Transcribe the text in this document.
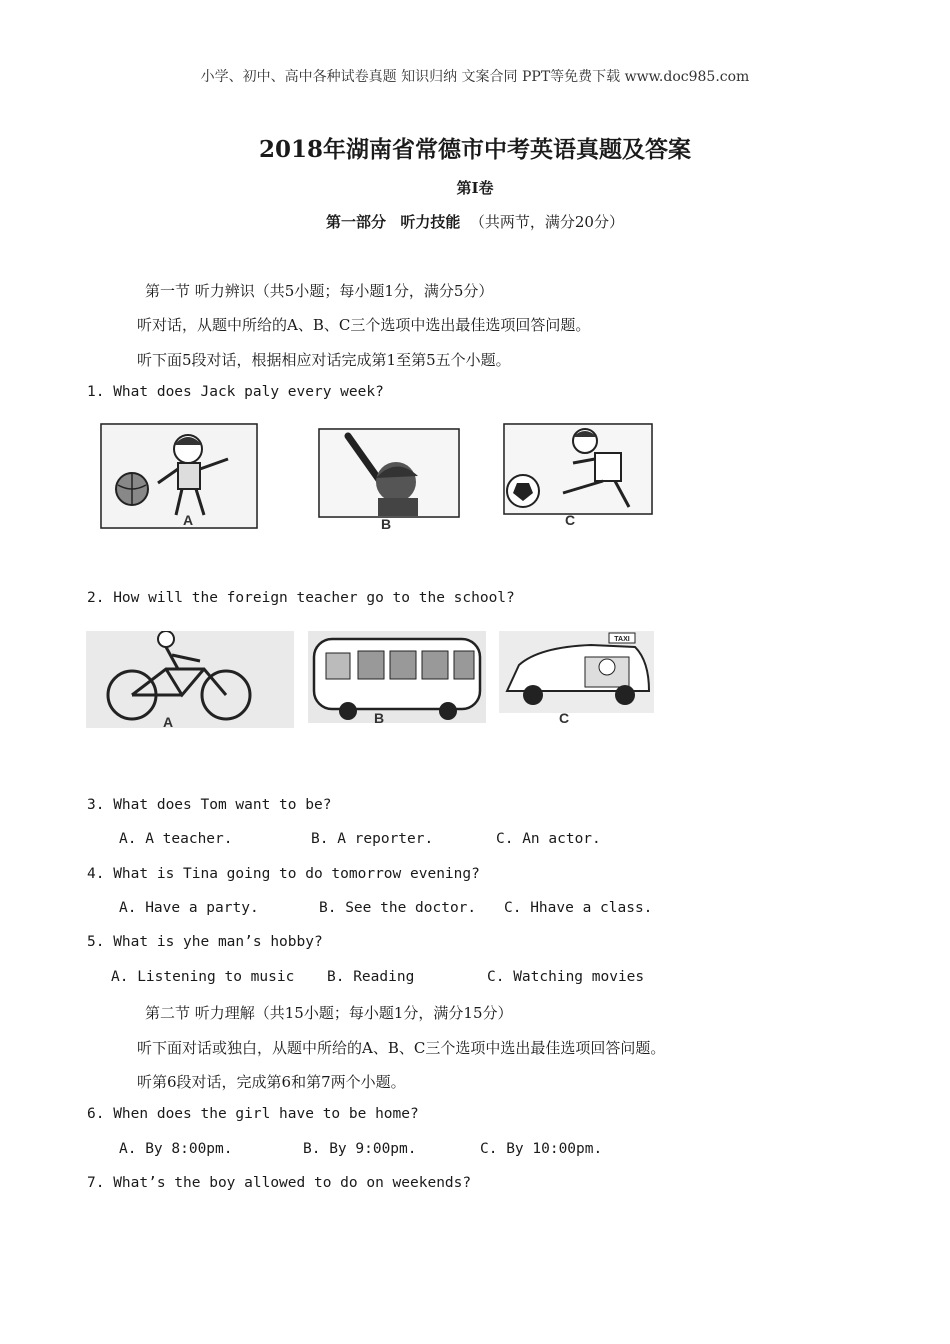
小学、初中、高中各种试卷真题 知识归纳 文案合同 PPT等免费下载 www.doc985.com
2018年湖南省常德市中考英语真题及答案
第I卷
第一部分 听力技能 （共两节，满分20分）
第一节 听力辨识（共5小题；每小题1分，满分5分）
听对话，从题中所给的A、B、C三个选项中选出最佳选项回答问题。
听下面5段对话，根据相应对话完成第1至第5五个小题。
1. What does Jack paly every week?
A	B	C
2. How will the foreign teacher go to the school?
A	B
TAXI
C
3. What does Tom want to be?
A. A teacher.	B. A reporter.	C. An actor.
4. What is Tina going to do tomorrow evening?
A. Have a party.	B. See the doctor. C. Hhave a class.
5. What is yhe man’s hobby?
A. Listening to music B. Reading	C. Watching movies
第二节 听力理解（共15小题；每小题1分，满分15分）
听下面对话或独白，从题中所给的A、B、C三个选项中选出最佳选项回答问题。
听第6段对话，完成第6和第7两个小题。
6. When does the girl have to be home?
A. By 8:00pm.	B. By 9:00pm.	C. By 10:00pm.
7. What’s the boy allowed to do on weekends?
